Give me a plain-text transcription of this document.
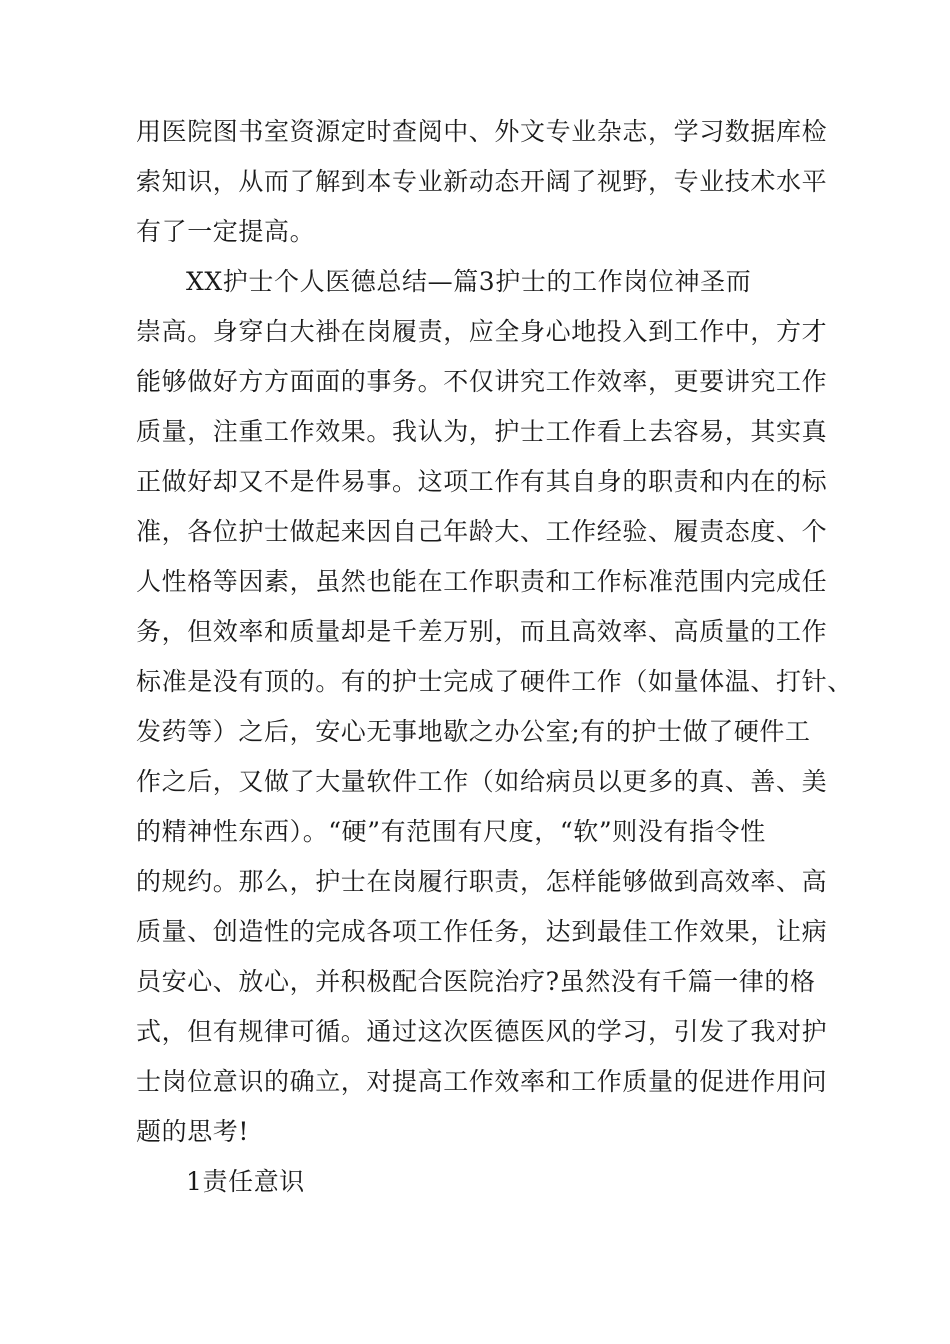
用医院图书室资源定时查阅中、外文专业杂志，学习数据库检
索知识，从而了解到本专业新动态开阔了视野，专业技术水平
有了一定提高。
XX护士个人医德总结—篇3护士的工作岗位神圣而
崇高。身穿白大褂在岗履责，应全身心地投入到工作中，方才
能够做好方方面面的事务。不仅讲究工作效率，更要讲究工作
质量，注重工作效果。我认为，护士工作看上去容易，其实真
正做好却又不是件易事。这项工作有其自身的职责和内在的标
准，各位护士做起来因自己年龄大、工作经验、履责态度、个
人性格等因素，虽然也能在工作职责和工作标准范围内完成任
务，但效率和质量却是千差万别，而且高效率、高质量的工作
标准是没有顶的。有的护士完成了硬件工作（如量体温、打针、
发药等）之后，安心无事地歇之办公室;有的护士做了硬件工
作之后，又做了大量软件工作（如给病员以更多的真、善、美
的精神性东西）。“硬”有范围有尺度，“软”则没有指令性
的规约。那么，护士在岗履行职责，怎样能够做到高效率、高
质量、创造性的完成各项工作任务，达到最佳工作效果，让病
员安心、放心，并积极配合医院治疗?虽然没有千篇一律的格
式，但有规律可循。通过这次医德医风的学习，引发了我对护
士岗位意识的确立，对提高工作效率和工作质量的促进作用问
题的思考!
1责任意识
